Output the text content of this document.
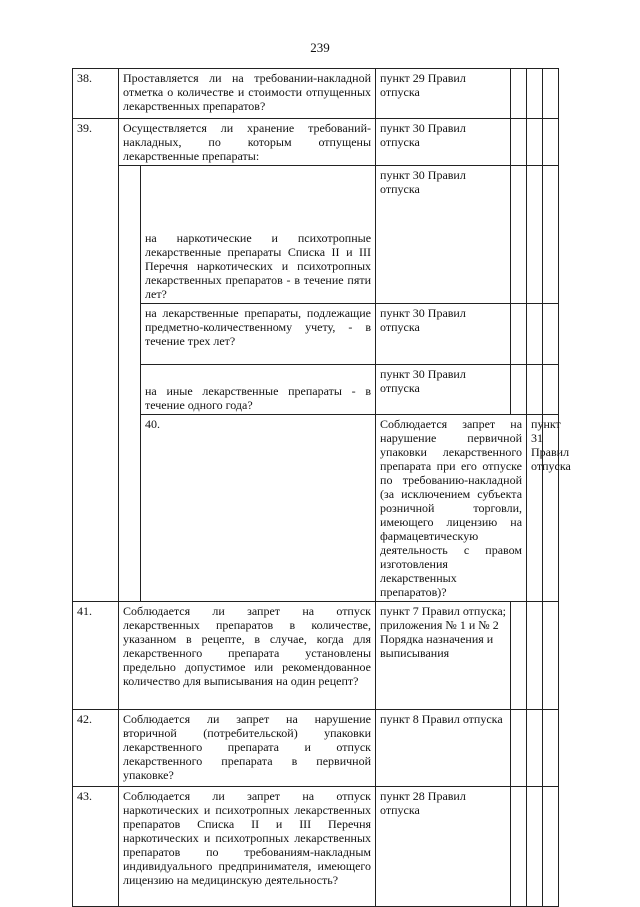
239
38.	Проставляется ли на требовании-накладной отметка о количестве и стоимости отпущенных лекарственных препаратов?		пункт 29 Правил отпуска				
39.	Осуществляется ли хранение требований-накладных, по которым отпущены лекарственные препараты:		пункт 30 Правил отпуска				
		на наркотические и психотропные лекарственные препараты Списка II и III Перечня наркотических и психотропных лекарственных препаратов - в течение пяти лет?	пункт 30 Правил отпуска				
		на лекарственные препараты, подлежащие предметно-количественному учету, - в течение трех лет?	пункт 30 Правил отпуска				
		на иные лекарственные препараты - в течение одного года?	пункт 30 Правил отпуска				
		40.	Соблюдается запрет на нарушение первичной упаковки лекарственного препарата при его отпуске по требованию-накладной (за исключением субъекта розничной торговли, имеющего лицензию на фармацевтическую деятельность с правом изготовления лекарственных препаратов)?		пункт 31 Правил отпуска			
41.	Соблюдается ли запрет на отпуск лекарственных препаратов в количестве, указанном в рецепте, в случае, когда для лекарственного препарата установлены предельно допустимое или рекомендованное количество для выписывания на один рецепт?		пункт 7 Правил отпуска; приложения № 1 и № 2 Порядка назначения и выписывания				
42.	Соблюдается ли запрет на нарушение вторичной (потребительской) упаковки лекарственного препарата и отпуск лекарственного препарата в первичной упаковке?		пункт 8 Правил отпуска				
43.	Соблюдается ли запрет на отпуск наркотических и психотропных лекарственных препаратов Списка II и III Перечня наркотических и психотропных лекарственных препаратов по требованиям-накладным индивидуального предпринимателя, имеющего лицензию на медицинскую деятельность?		пункт 28 Правил отпуска				
